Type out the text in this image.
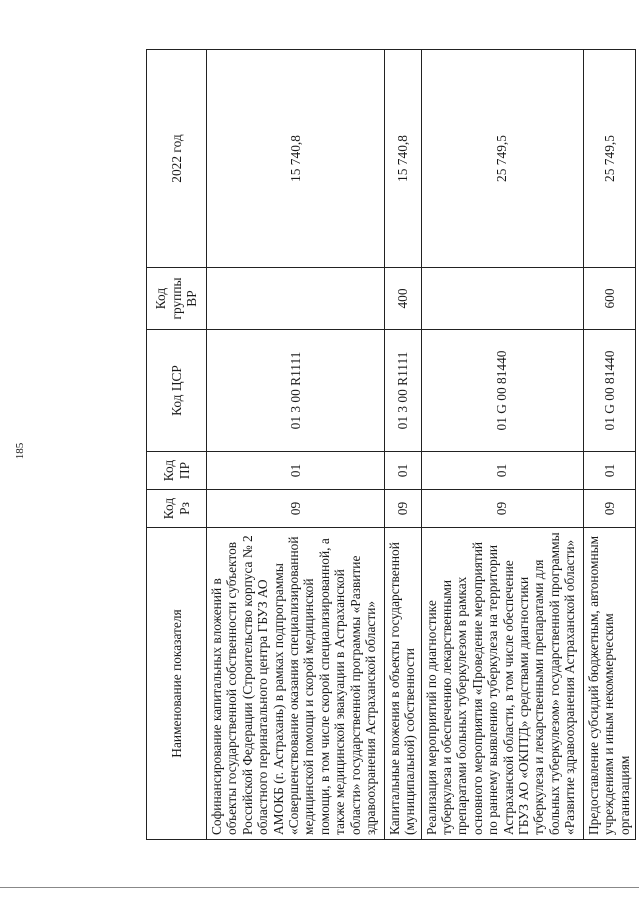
185
Наименование показателя	Код Рз	Код ПР	Код ЦСР	Код группы ВР	2022 год
Софинансирование капитальных вложений в объекты государственной собственности субъектов Российской Федерации (Строительство корпуса № 2 областного перинатального центра ГБУЗ АО АМОКБ (г. Астрахань) в рамках подпрограммы «Совершенствование оказания специализированной медицинской помощи и скорой медицинской помощи, в том числе скорой специализированной, а также медицинской эвакуации в Астраханской области» государственной программы «Развитие здравоохранения Астраханской области»	09	01	01 3 00 R1111		15 740,8
Капитальные вложения в объекты государственной (муниципальной) собственности	09	01	01 3 00 R1111	400	15 740,8
Реализация мероприятий по диагностике туберкулеза и обеспечению лекарственными препаратами больных туберкулезом в рамках основного мероприятия «Проведение мероприятий по раннему выявлению туберкулеза на территории Астраханской области, в том числе обеспечение ГБУЗ АО «ОКПТД» средствами диагностики туберкулеза и лекарственными препаратами для больных туберкулезом» государственной программы «Развитие здравоохранения Астраханской области»	09	01	01 G 00 81440		25 749,5
Предоставление субсидий бюджетным, автономным учреждениям и иным некоммерческим организациям	09	01	01 G 00 81440	600	25 749,5
